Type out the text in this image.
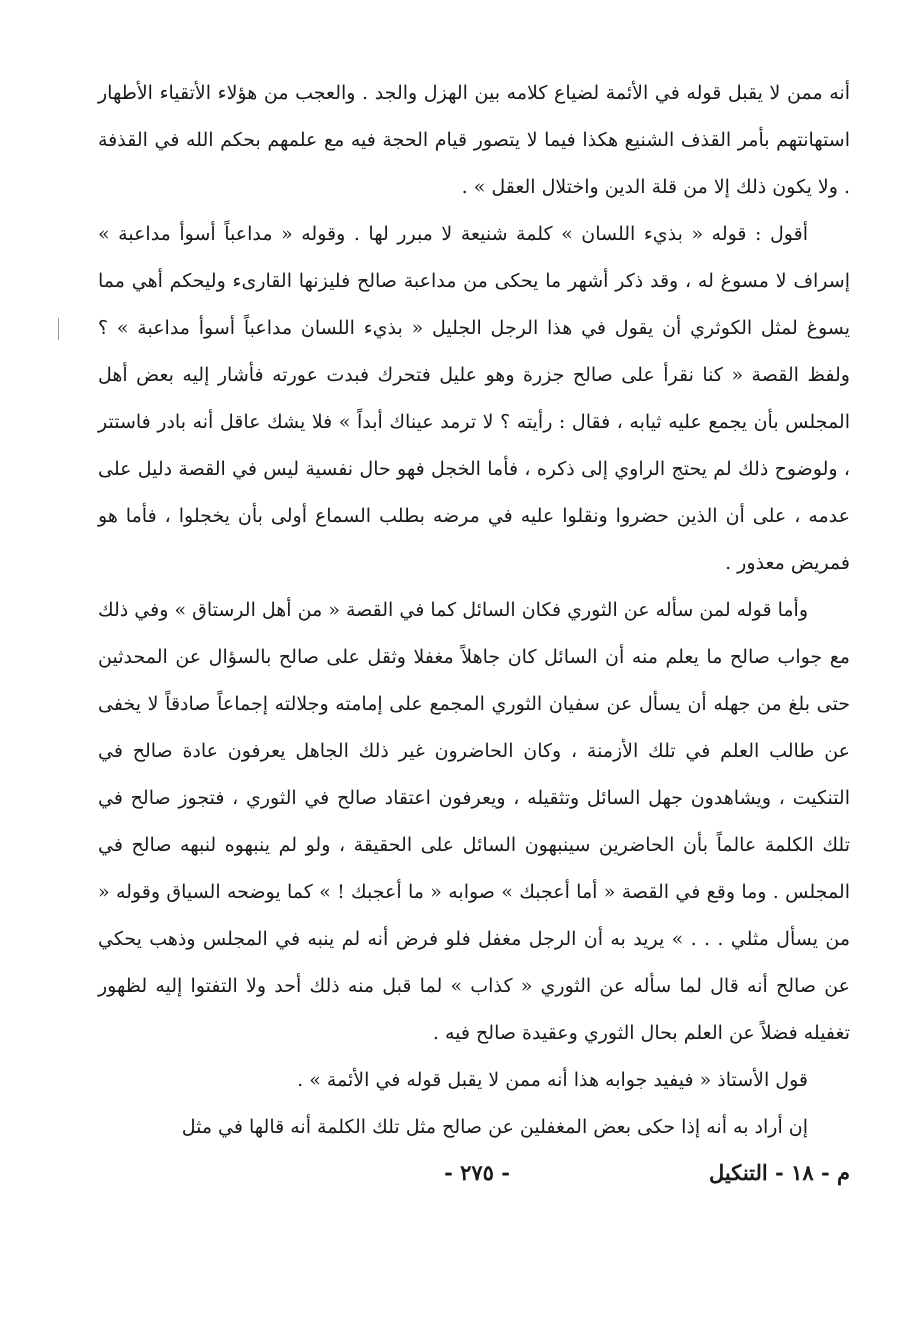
أنه ممن لا يقبل قوله في الأئمة لضياع كلامه بين الهزل والجد . والعجب من هؤلاء الأتقياء الأطهار استهانتهم بأمر القذف الشنيع هكذا فيما لا يتصور قيام الحجة فيه مع علمهم بحكم الله في القذفة . ولا يكون ذلك إلا من قلة الدين واختلال العقل » .

أقول : قوله « بذيء اللسان » كلمة شنيعة لا مبرر لها . وقوله « مداعباً أسوأ مداعبة » إسراف لا مسوغ له ، وقد ذكر أشهر ما يحكى من مداعبة صالح فليزنها القارىء وليحكم أهي مما يسوغ لمثل الكوثري أن يقول في هذا الرجل الجليل « بذيء اللسان مداعباً أسوأ مداعبة » ؟ ولفظ القصة « كنا نقرأ على صالح جزرة وهو عليل فتحرك فبدت عورته فأشار إليه بعض أهل المجلس بأن يجمع عليه ثيابه ، فقال : رأيته ؟ لا ترمد عيناك أبداً » فلا يشك عاقل أنه بادر فاستتر ، ولوضوح ذلك لم يحتج الراوي إلى ذكره ، فأما الخجل فهو حال نفسية ليس في القصة دليل على عدمه ، على أن الذين حضروا ونقلوا عليه في مرضه بطلب السماع أولى بأن يخجلوا ، فأما هو فمريض معذور .

وأما قوله لمن سأله عن الثوري فكان السائل كما في القصة « من أهل الرستاق » وفي ذلك مع جواب صالح ما يعلم منه أن السائل كان جاهلاً مغفلا وثقل على صالح بالسؤال عن المحدثين حتى بلغ من جهله أن يسأل عن سفيان الثوري المجمع على إمامته وجلالته إجماعاً صادقاً لا يخفى عن طالب العلم في تلك الأزمنة ، وكان الحاضرون غير ذلك الجاهل يعرفون عادة صالح في التنكيت ، ويشاهدون جهل السائل وتثقيله ، ويعرفون اعتقاد صالح في الثوري ، فتجوز صالح في تلك الكلمة عالماً بأن الحاضرين سينبهون السائل على الحقيقة ، ولو لم ينبهوه لنبهه صالح في المجلس . وما وقع في القصة « أما أعجبك » صوابه « ما أعجبك ! » كما يوضحه السياق وقوله « من يسأل مثلي . . . » يريد به أن الرجل مغفل فلو فرض أنه لم ينبه في المجلس وذهب يحكي عن صالح أنه قال لما سأله عن الثوري « كذاب » لما قبل منه ذلك أحد ولا التفتوا إليه لظهور تغفيله فضلاً عن العلم بحال الثوري وعقيدة صالح فيه .

قول الأستاذ « فيفيد جوابه هذا أنه ممن لا يقبل قوله في الأئمة » .

إن أراد به أنه إذا حكى بعض المغفلين عن صالح مثل تلك الكلمة أنه قالها في مثل

م - ١٨ - التنكيل
- ٢٧٥ -
